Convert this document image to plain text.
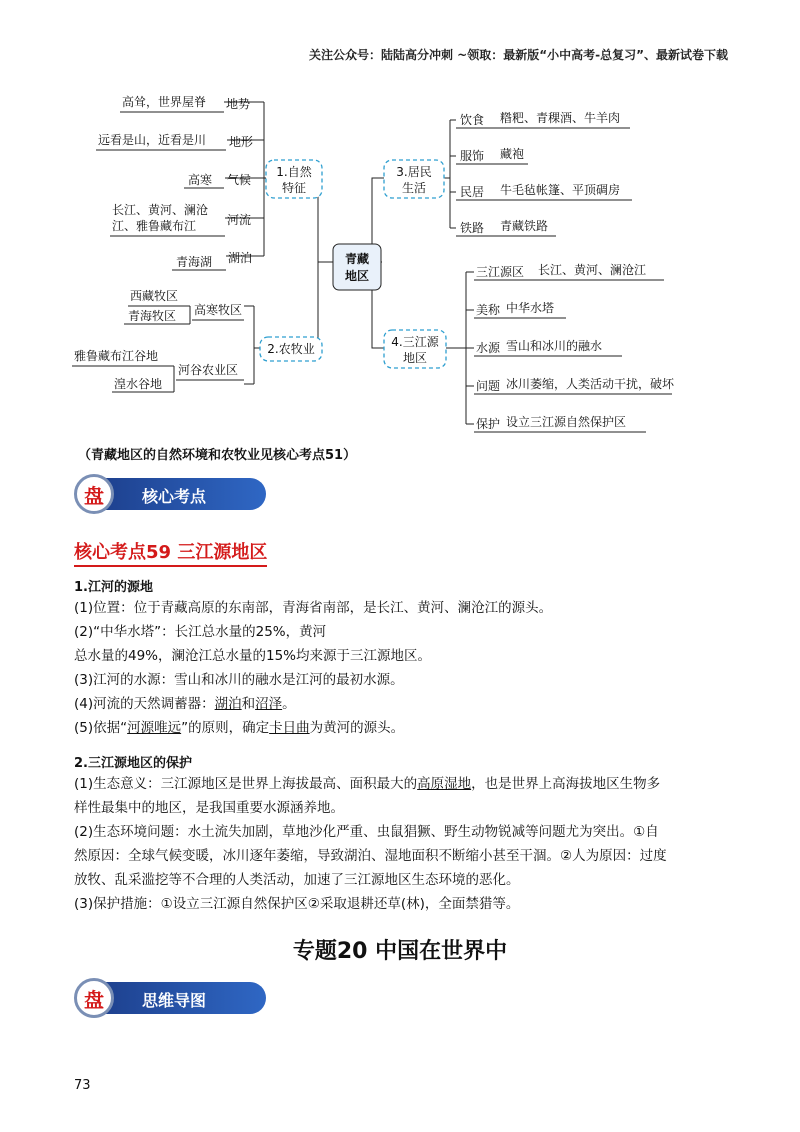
关注公众号：陆陆高分冲刺 ~领取：最新版“小中高考-总复习”、最新试卷下载
青藏
地区
1.自然
特征
2.农牧业
3.居民
生活
4.三江源
地区
地势
高耸，世界屋脊
地形
远看是山，近看是川
气候
高寒
河流
长江、黄河、澜沧
江、雅鲁藏布江
湖泊
青海湖
高寒牧区
西藏牧区
青海牧区
河谷农业区
雅鲁藏布江谷地
湟水谷地
饮食 糌粑、青稞酒、牛羊肉
服饰 藏袍
民居 牛毛毡帐篷、平顶碉房
铁路 青藏铁路
三江源区 长江、黄河、澜沧江
美称 中华水塔
水源 雪山和冰川的融水
问题 冰川萎缩，人类活动干扰，破坏
保护 设立三江源自然保护区
（青藏地区的自然环境和农牧业见核心考点51）
核心考点
盘
核心考点59 三江源地区
1.江河的源地
(1)位置：位于青藏高原的东南部，青海省南部，是长江、黄河、澜沧江的源头。
(2)“中华水塔”：长江总水量的25%，黄河
总水量的49%，澜沧江总水量的15%均来源于三江源地区。
(3)江河的水源：雪山和冰川的融水是江河的最初水源。
(4)河流的天然调蓄器：湖泊和沼泽。
(5)依据“河源唯远”的原则，确定卡日曲为黄河的源头。
2.三江源地区的保护
(1)生态意义：三江源地区是世界上海拔最高、面积最大的高原湿地，也是世界上高海拔地区生物多
样性最集中的地区，是我国重要水源涵养地。
(2)生态环境问题：水土流失加剧，草地沙化严重、虫鼠猖獗、野生动物锐减等问题尤为突出。①自
然原因：全球气候变暖，冰川逐年萎缩，导致湖泊、湿地面积不断缩小甚至干涸。②人为原因：过度
放牧、乱采滥挖等不合理的人类活动，加速了三江源地区生态环境的恶化。
(3)保护措施：①设立三江源自然保护区②采取退耕还草(林)，全面禁猎等。
专题20 中国在世界中
思维导图
盘
73
